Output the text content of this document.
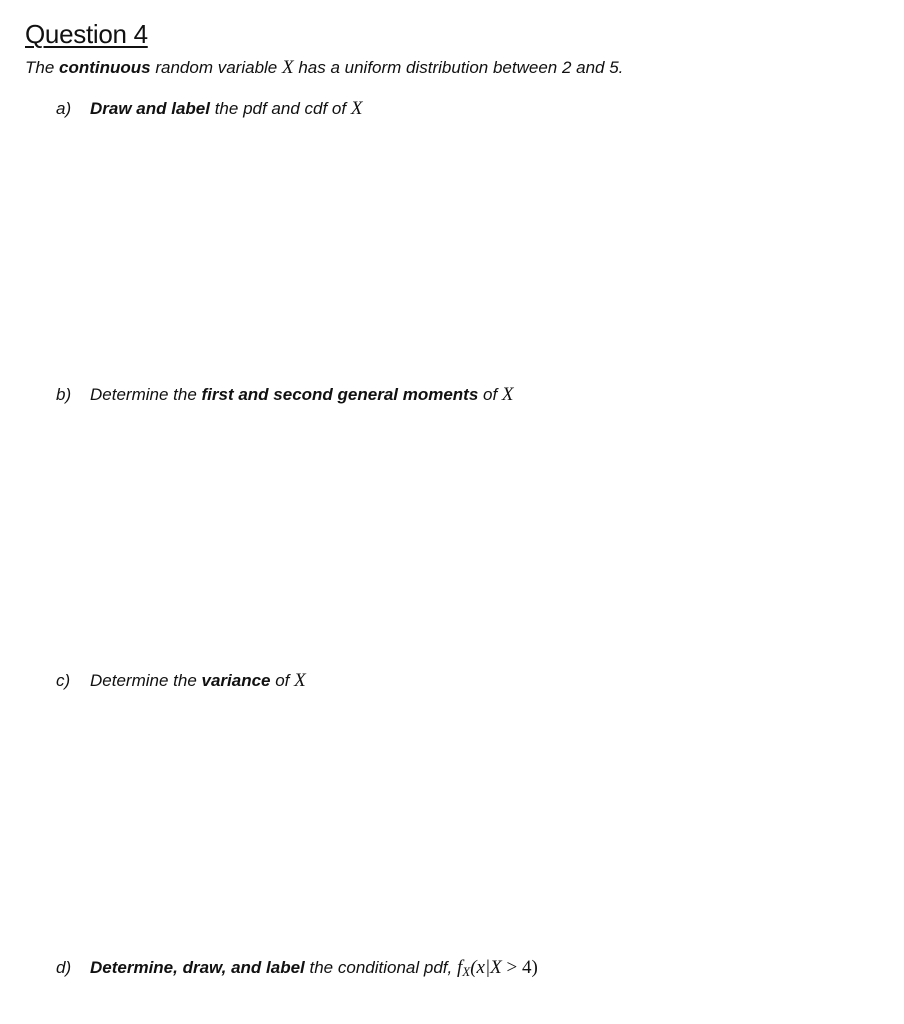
Question 4
The continuous random variable X has a uniform distribution between 2 and 5.
a) Draw and label the pdf and cdf of X
b) Determine the first and second general moments of X
c) Determine the variance of X
d) Determine, draw, and label the conditional pdf, $f_X(x|X > 4)$
